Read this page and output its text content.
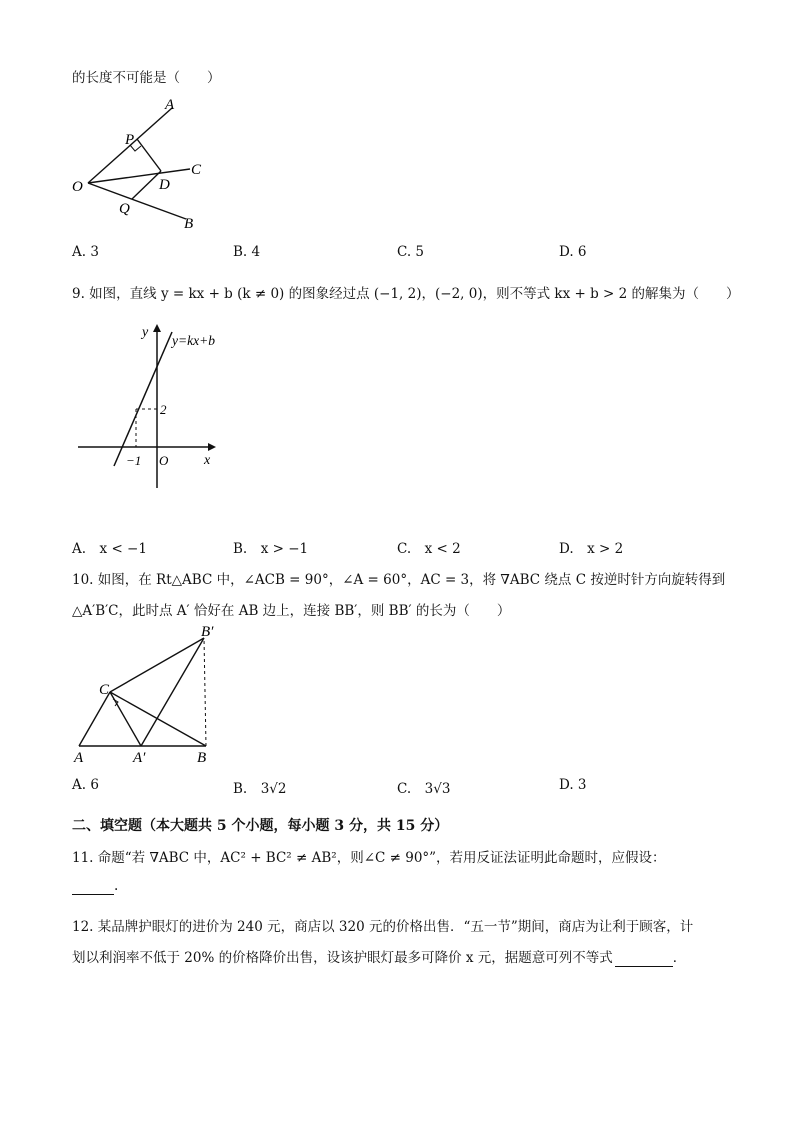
的长度不可能是（　　）
A
P
C
O	D
Q
B
A. 3	B. 4	C. 5	D. 6
9. 如图，直线 y = kx + b (k ≠ 0) 的图象经过点 (−1, 2)，(−2, 0)，则不等式 kx + b > 2 的解集为（　　）
y
y=kx+b
2
−1 O	x
A.　x < −1	B.　x > −1	C.　x < 2	D.　x > 2
10. 如图，在 Rt△ABC 中，∠ACB = 90°，∠A = 60°，AC = 3，将 ∇ABC 绕点 C 按逆时针方向旋转得到
△A′B′C，此时点 A′ 恰好在 AB 边上，连接 BB′，则 BB′ 的长为（　　）
B′
C
A	A′	B
A. 6	B.　3√2	C.　3√3	D. 3
二、填空题（本大题共 5 个小题，每小题 3 分，共 15 分）
11. 命题“若 ∇ABC 中，AC² + BC² ≠ AB²，则∠C ≠ 90°”，若用反证法证明此命题时，应假设：
.
12. 某品牌护眼灯的进价为 240 元，商店以 320 元的价格出售．“五一节”期间，商店为让利于顾客，计
划以利润率不低于 20% 的价格降价出售，设该护眼灯最多可降价 x 元，据题意可列不等式	．
